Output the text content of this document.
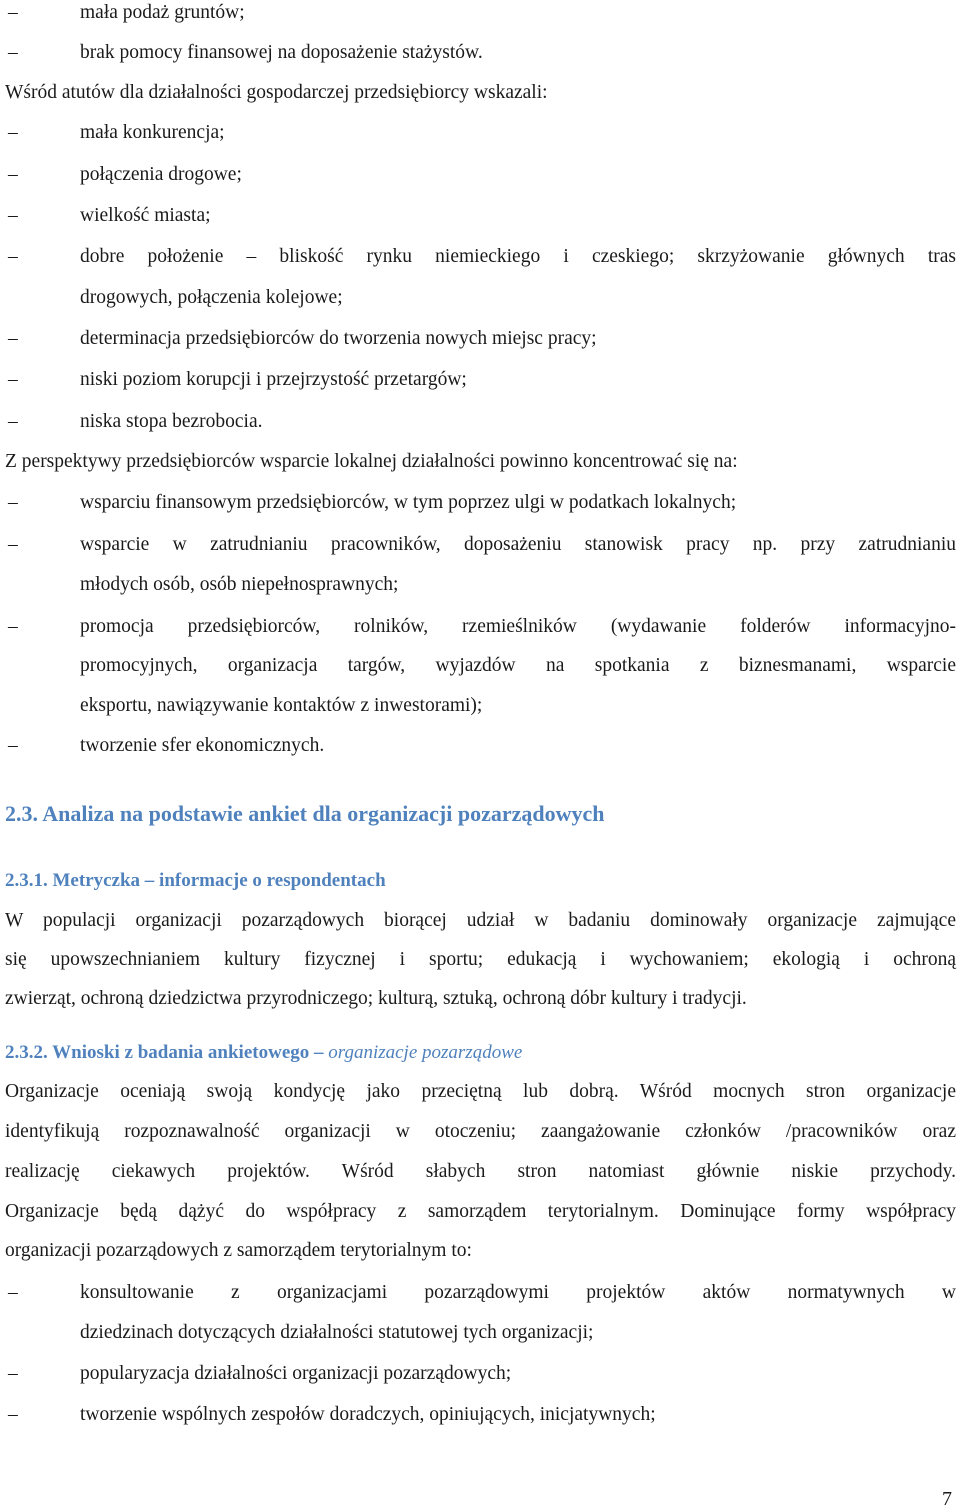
–	mała podaż gruntów;

–	brak pomocy finansowej na doposażenie stażystów.

Wśród atutów dla działalności gospodarczej przedsiębiorcy wskazali:

–	mała konkurencja;

–	połączenia drogowe;

–	wielkość miasta;

–	dobre położenie – bliskość rynku niemieckiego i czeskiego; skrzyżowanie głównych tras

drogowych, połączenia kolejowe;

–	determinacja przedsiębiorców do tworzenia nowych miejsc pracy;

–	niski poziom korupcji i przejrzystość przetargów;

–	niska stopa bezrobocia.

Z perspektywy przedsiębiorców wsparcie lokalnej działalności powinno koncentrować się na:

–	wsparciu finansowym przedsiębiorców, w tym poprzez ulgi w podatkach lokalnych;

–	wsparcie w zatrudnianiu pracowników, doposażeniu stanowisk pracy np. przy zatrudnianiu

młodych osób, osób niepełnosprawnych;

–	promocja przedsiębiorców, rolników, rzemieślników (wydawanie folderów informacyjno-

promocyjnych, organizacja targów, wyjazdów na spotkania z biznesmanami, wsparcie

eksportu, nawiązywanie kontaktów z inwestorami);

–	tworzenie sfer ekonomicznych.

2.3. Analiza na podstawie ankiet dla organizacji pozarządowych
2.3.1. Metryczka – informacje o respondentach

W populacji organizacji pozarządowych biorącej udział w badaniu dominowały organizacje zajmujące

się upowszechnianiem kultury fizycznej i sportu; edukacją i wychowaniem; ekologią i ochroną

zwierząt, ochroną dziedzictwa przyrodniczego; kulturą, sztuką, ochroną dóbr kultury i tradycji.

2.3.2. Wnioski z badania ankietowego – organizacje pozarządowe

Organizacje oceniają swoją kondycję jako przeciętną lub dobrą. Wśród mocnych stron organizacje

identyfikują rozpoznawalność organizacji w otoczeniu; zaangażowanie członków /pracowników oraz

realizację ciekawych projektów. Wśród słabych stron natomiast głównie niskie przychody.

Organizacje będą dążyć do współpracy z samorządem terytorialnym. Dominujące formy współpracy

organizacji pozarządowych z samorządem terytorialnym to:

–	konsultowanie z organizacjami pozarządowymi projektów aktów normatywnych w

dziedzinach dotyczących działalności statutowej tych organizacji;

–	popularyzacja działalności organizacji pozarządowych;

–	tworzenie wspólnych zespołów doradczych, opiniujących, inicjatywnych;

7
